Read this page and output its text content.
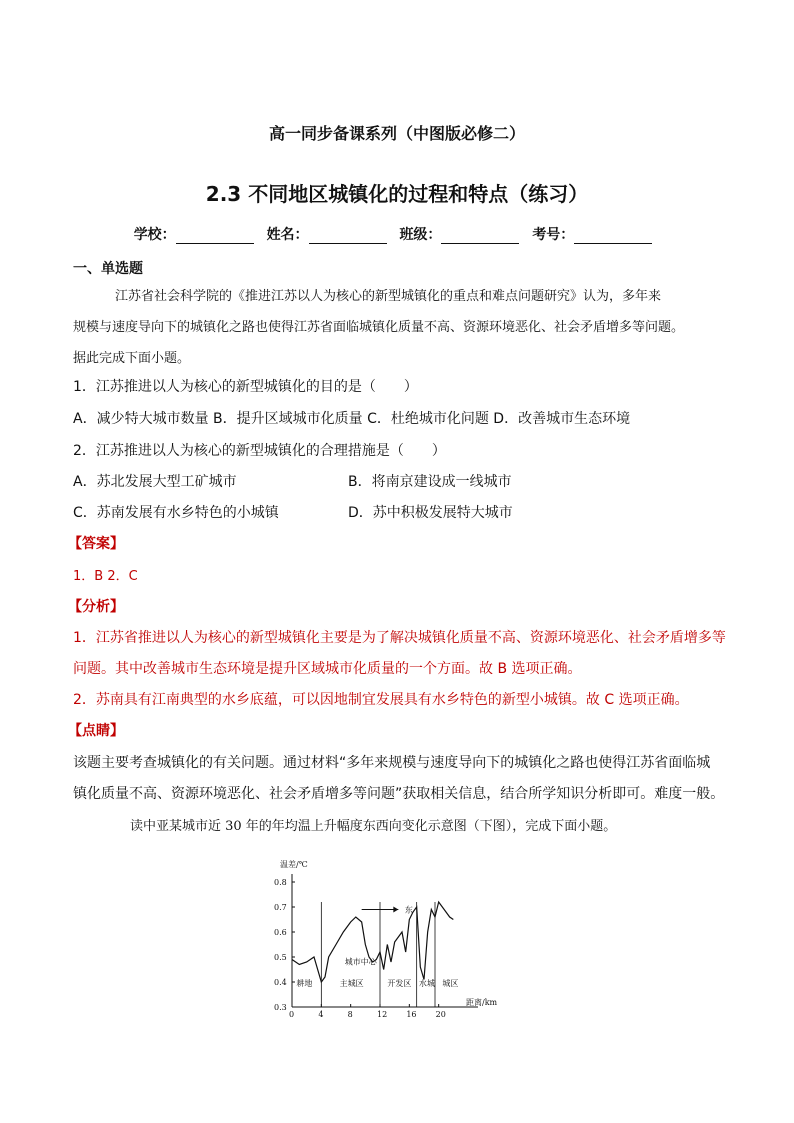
高一同步备课系列（中图版必修二）
2.3 不同地区城镇化的过程和特点（练习）
学校：	姓名：	班级：	考号：
一、单选题
江苏省社会科学院的《推进江苏以人为核心的新型城镇化的重点和难点问题研究》认为，多年来
规模与速度导向下的城镇化之路也使得江苏省面临城镇化质量不高、资源环境恶化、社会矛盾增多等问题。
据此完成下面小题。
1．江苏推进以人为核心的新型城镇化的目的是（　　）
A．减少特大城市数量 B．提升区域城市化质量 C．杜绝城市化问题 D．改善城市生态环境
2．江苏推进以人为核心的新型城镇化的合理措施是（　　）
A．苏北发展大型工矿城市	B．将南京建设成一线城市
C．苏南发展有水乡特色的小城镇	D．苏中积极发展特大城市
【答案】
1．B 2．C
【分析】
1．江苏省推进以人为核心的新型城镇化主要是为了解决城镇化质量不高、资源环境恶化、社会矛盾增多等
问题。其中改善城市生态环境是提升区域城市化质量的一个方面。故 B 选项正确。
2．苏南具有江南典型的水乡底蕴，可以因地制宜发展具有水乡特色的新型小城镇。故 C 选项正确。
【点睛】
该题主要考查城镇化的有关问题。通过材料“多年来规模与速度导向下的城镇化之路也使得江苏省面临城
镇化质量不高、资源环境恶化、社会矛盾增多等问题”获取相关信息，结合所学知识分析即可。难度一般。
读中亚某城市近 30 年的年均温上升幅度东西向变化示意图（下图），完成下面小题。
温差/℃
距离/km
0.3
0.4
0.5
0.6
0.7
0.8
0	4	8	12 16 20
耕地	主城区	开发区 水城 城区
城市中心
东
